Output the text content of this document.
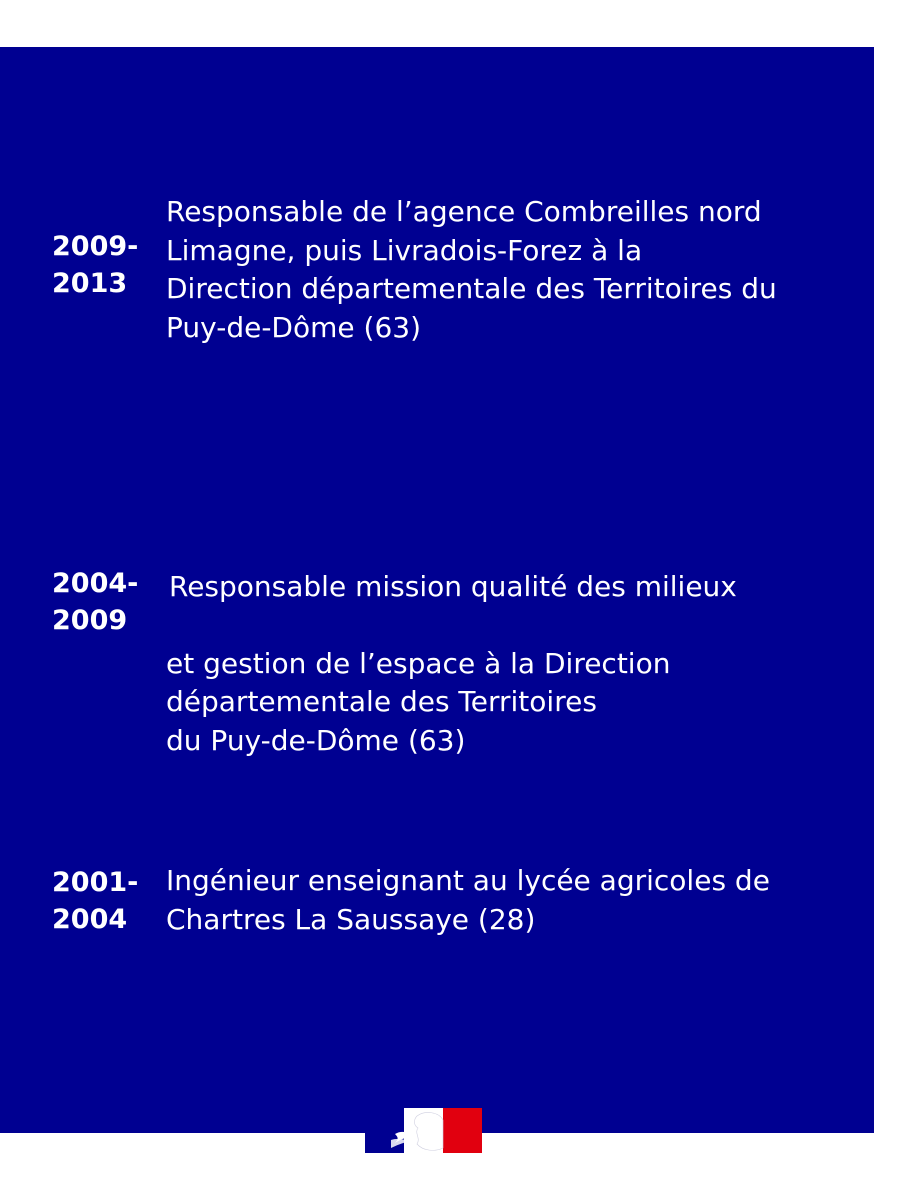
2009-
2013
Responsable de l’agence Combreilles nord
Limagne, puis Livradois-Forez à la
Direction départementale des Territoires du
Puy-de-Dôme (63)
2004-
2009

Responsable mission qualité des milieux

et gestion de l’espace à la Direction
départementale des Territoires
du Puy-de-Dôme (63)

2001-
2004
Ingénieur enseignant au lycée agricoles de
Chartres La Saussaye (28)
